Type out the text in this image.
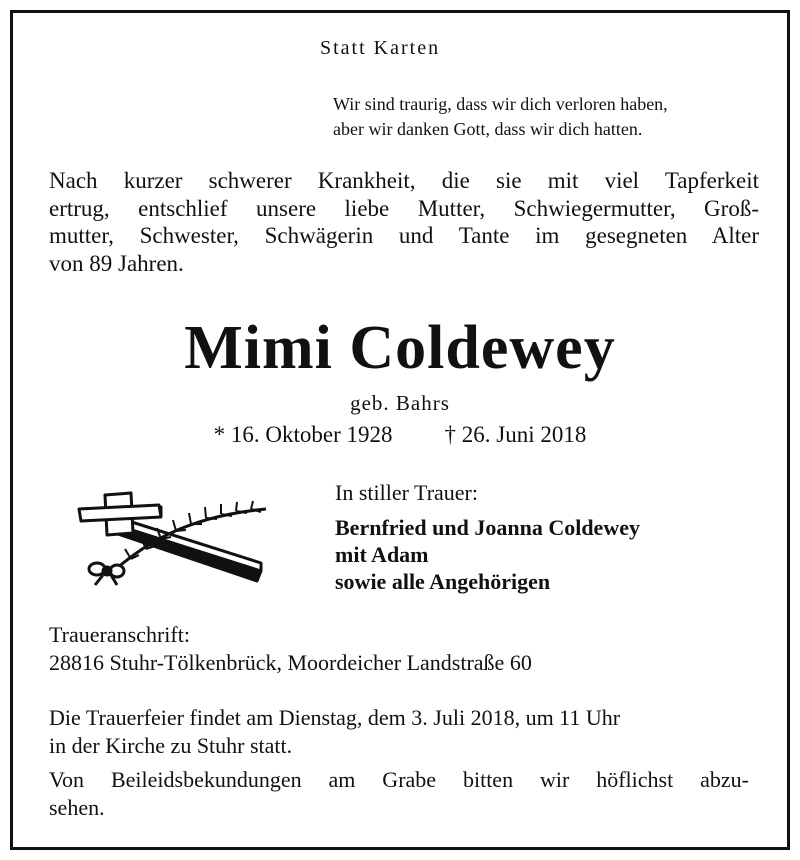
Statt Karten
Wir sind traurig, dass wir dich verloren haben,
aber wir danken Gott, dass wir dich hatten.
Nach kurzer schwerer Krankheit, die sie mit viel Tapferkeit
ertrug, entschlief unsere liebe Mutter, Schwiegermutter, Groß-
mutter, Schwester, Schwägerin und Tante im gesegneten Alter
von 89 Jahren.
Mimi Coldewey
geb. Bahrs
* 16. Oktober 1928 † 26. Juni 2018
In stiller Trauer:
Bernfried und Joanna Coldewey
mit Adam
sowie alle Angehörigen
Traueranschrift:
28816 Stuhr-Tölkenbrück, Moordeicher Landstraße 60
Die Trauerfeier findet am Dienstag, dem 3. Juli 2018, um 11 Uhr
in der Kirche zu Stuhr statt.
Von Beileidsbekundungen am Grabe bitten wir höflichst abzu-
sehen.
